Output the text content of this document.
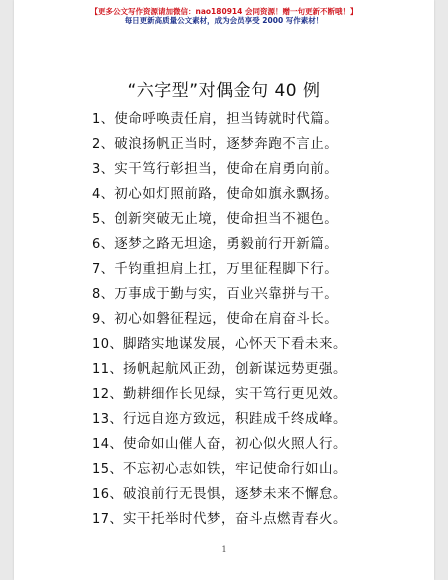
【更多公文写作资源请加微信：nao180914 会同资源！赠一句更新不断哦！】
每日更新高质量公文素材，成为会员享受 2000 写作素材！
“六字型”对偶金句 40 例
1、使命呼唤责任肩，担当铸就时代篇。
2、破浪扬帆正当时，逐梦奔跑不言止。
3、实干笃行彰担当，使命在肩勇向前。
4、初心如灯照前路，使命如旗永飘扬。
5、创新突破无止境，使命担当不褪色。
6、逐梦之路无坦途，勇毅前行开新篇。
7、千钧重担肩上扛，万里征程脚下行。
8、万事成于勤与实，百业兴靠拼与干。
9、初心如磐征程远，使命在肩奋斗长。
10、脚踏实地谋发展，心怀天下看未来。
11、扬帆起航风正劲，创新谋远势更强。
12、勤耕细作长见绿，实干笃行更见效。
13、行远自迩方致远，积跬成千终成峰。
14、使命如山催人奋，初心似火照人行。
15、不忘初心志如铁，牢记使命行如山。
16、破浪前行无畏惧，逐梦未来不懈怠。
17、实干托举时代梦，奋斗点燃青春火。
1
